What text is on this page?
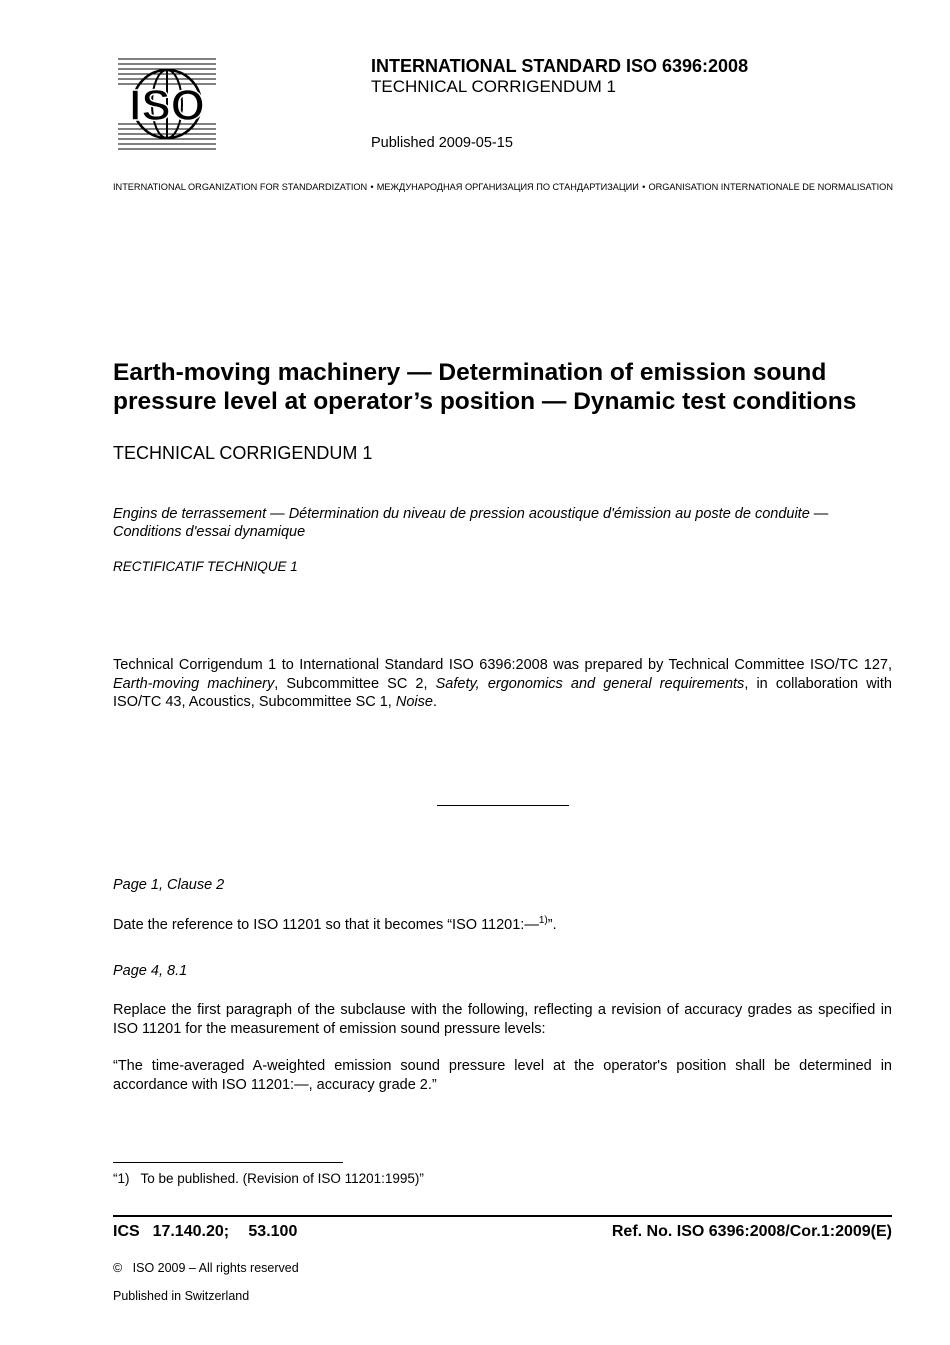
ISO
INTERNATIONAL STANDARD ISO 6396:2008
TECHNICAL CORRIGENDUM 1
Published 2009-05-15
INTERNATIONAL ORGANIZATION FOR STANDARDIZATION • МЕЖДУНАРОДНАЯ ОРГАНИЗАЦИЯ ПО СТАНДАРТИЗАЦИИ • ORGANISATION INTERNATIONALE DE NORMALISATION
Earth-moving machinery — Determination of emission sound
pressure level at operator’s position — Dynamic test conditions
TECHNICAL CORRIGENDUM 1
Engins de terrassement — Détermination du niveau de pression acoustique d'émission au poste de conduite — Conditions d'essai dynamique
RECTIFICATIF TECHNIQUE 1
Technical Corrigendum 1 to International Standard ISO 6396:2008 was prepared by Technical Committee ISO/TC 127, Earth-moving machinery, Subcommittee SC 2, Safety, ergonomics and general requirements, in collaboration with ISO/TC 43, Acoustics, Subcommittee SC 1, Noise.
Page 1, Clause 2
Date the reference to ISO 11201 so that it becomes “ISO 11201:—$^{1)}$”.
Page 4, 8.1
Replace the first paragraph of the subclause with the following, reflecting a revision of accuracy grades as specified in ISO 11201 for the measurement of emission sound pressure levels:
“The time-averaged A-weighted emission sound pressure level at the operator's position shall be determined in accordance with ISO 11201:—, accuracy grade 2.”
“1)   To be published. (Revision of ISO 11201:1995)”
ICS  17.140.20;   53.100	Ref. No. ISO 6396:2008/Cor.1:2009(E)
©   ISO 2009 – All rights reserved
Published in Switzerland
